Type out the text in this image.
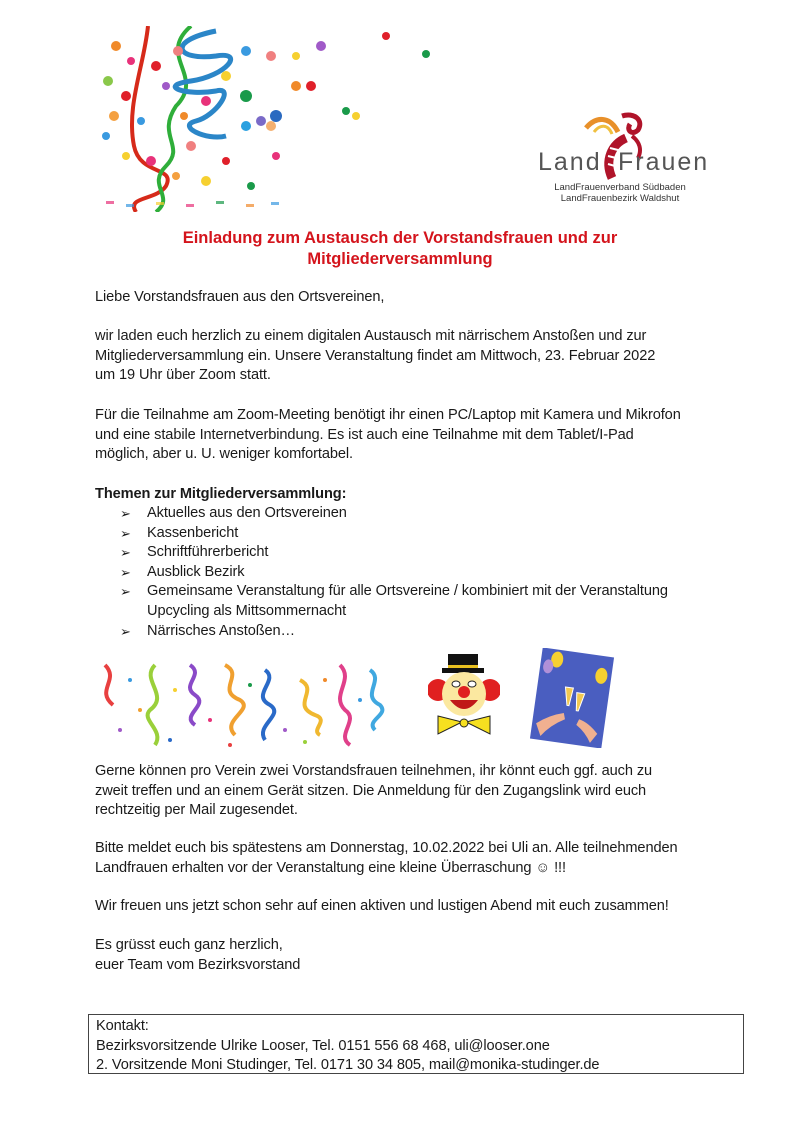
Land Frauen
LandFrauenverband Südbaden
LandFrauenbezirk Waldshut
Einladung zum Austausch der Vorstandsfrauen und zur
Mitgliederversammlung
Liebe Vorstandsfrauen aus den Ortsvereinen,
wir laden euch herzlich zu einem digitalen Austausch mit närrischem Anstoßen und zur
Mitgliederversammlung ein. Unsere Veranstaltung findet am Mittwoch, 23. Februar 2022
um 19 Uhr über Zoom statt.
Für die Teilnahme am Zoom-Meeting benötigt ihr einen PC/Laptop mit Kamera und Mikrofon
und eine stabile Internetverbindung. Es ist auch eine Teilnahme mit dem Tablet/I-Pad
möglich, aber u. U. weniger komfortabel.
Themen zur Mitgliederversammlung:
➢ Aktuelles aus den Ortsvereinen
➢ Kassenbericht
➢ Schriftführerbericht
➢ Ausblick Bezirk
➢ Gemeinsame Veranstaltung für alle Ortsvereine / kombiniert mit der Veranstaltung
Upcycling als Mittsommernacht
➢ Närrisches Anstoßen…
Gerne können pro Verein zwei Vorstandsfrauen teilnehmen, ihr könnt euch ggf. auch zu
zweit treffen und an einem Gerät sitzen. Die Anmeldung für den Zugangslink wird euch
rechtzeitig per Mail zugesendet.
Bitte meldet euch bis spätestens am Donnerstag, 10.02.2022 bei Uli an. Alle teilnehmenden
Landfrauen erhalten vor der Veranstaltung eine kleine Überraschung ☺ !!!
Wir freuen uns jetzt schon sehr auf einen aktiven und lustigen Abend mit euch zusammen!
Es grüsst euch ganz herzlich,
euer Team vom Bezirksvorstand
Kontakt:
Bezirksvorsitzende Ulrike Looser, Tel. 0151 556 68 468, uli@looser.one
2. Vorsitzende Moni Studinger, Tel. 0171 30 34 805, mail@monika-studinger.de
